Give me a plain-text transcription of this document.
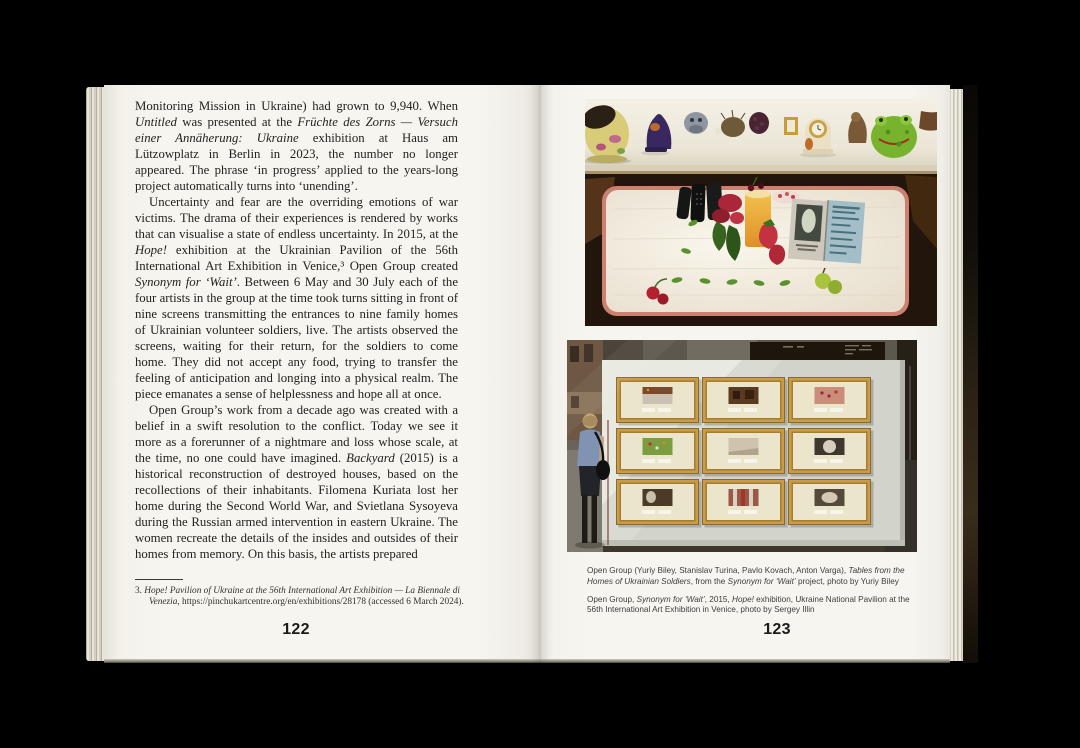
Monitoring Mission in Ukraine) had grown to 9,940. When Untitled was presented at the Früchte des Zorns — Versuch einer Annäherung: Ukraine exhibition at Haus am Lützowplatz in Berlin in 2023, the number no longer appeared. The phrase ‘in progress’ applied to the years-long project automatically turns into ‘unending’.

Uncertainty and fear are the overriding emotions of war victims. The drama of their experiences is rendered by works that can visualise a state of endless uncertainty. In 2015, at the Hope! exhibition at the Ukrainian Pavilion of the 56th International Art Exhibition in Venice,³ Open Group created Synonym for ‘Wait’. Between 6 May and 30 July each of the four artists in the group at the time took turns sitting in front of nine screens transmitting the entrances to nine family homes of Ukrainian volunteer soldiers, live. The artists observed the screens, waiting for their return, for the soldiers to come home. They did not accept any food, trying to transfer the feeling of anticipation and longing into a physical realm. The piece emanates a sense of helplessness and hope all at once.

Open Group’s work from a decade ago was created with a belief in a swift resolution to the conflict. Today we see it more as a forerunner of a nightmare and loss whose scale, at the time, no one could have imagined. Backyard (2015) is a historical reconstruction of destroyed houses, based on the recollections of their inhabitants. Filomena Kuriata lost her home during the Second World War, and Svietlana Sysoyeva during the Russian armed intervention in eastern Ukraine. The women recreate the details of the insides and outsides of their homes from memory. On this basis, the artists prepared

3. Hope! Pavilion of Ukraine at the 56th International Art Exhibition — La Biennale di Venezia, https://pinchukartcentre.org/en/exhibitions/28178 (accessed 6 March 2024).

122	123

Open Group (Yuriy Biley, Stanislav Turina, Pavlo Kovach, Anton Varga), Tables from the Homes of Ukrainian Soldiers, from the Synonym for ‘Wait’ project, photo by Yuriy Biley

Open Group, Synonym for ‘Wait’, 2015, Hope! exhibition, Ukraine National Pavilion at the 56th International Art Exhibition in Venice, photo by Sergey Illin
